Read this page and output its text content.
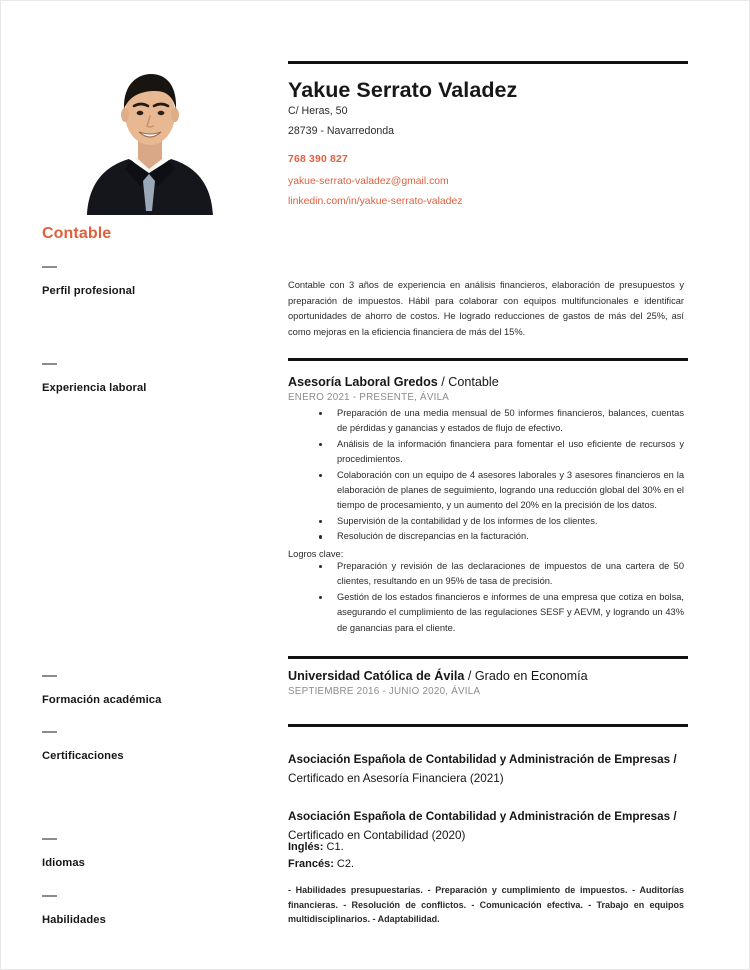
Contable
Perfil profesional
Experiencia laboral
Formación académica
Certificaciones
Idiomas
Habilidades
Yakue Serrato Valadez
C/ Heras, 50
28739 - Navarredonda
768 390 827
yakue-serrato-valadez@gmail.com
linkedin.com/in/yakue-serrato-valadez
Contable con 3 años de experiencia en análisis financieros, elaboración de presupuestos y preparación de impuestos. Hábil para colaborar con equipos multifuncionales e identificar oportunidades de ahorro de costos. He logrado reducciones de gastos de más del 25%, así como mejoras en la eficiencia financiera de más del 15%.
Asesoría Laboral Gredos / Contable
ENERO 2021 - PRESENTE, ÁVILA
Preparación de una media mensual de 50 informes financieros, balances, cuentas de pérdidas y ganancias y estados de flujo de efectivo.
Análisis de la información financiera para fomentar el uso eficiente de recursos y procedimientos.
Colaboración con un equipo de 4 asesores laborales y 3 asesores financieros en la elaboración de planes de seguimiento, logrando una reducción global del 30% en el tiempo de procesamiento, y un aumento del 20% en la precisión de los datos.
Supervisión de la contabilidad y de los informes de los clientes.
Resolución de discrepancias en la facturación.
Logros clave:
Preparación y revisión de las declaraciones de impuestos de una cartera de 50 clientes, resultando en un 95% de tasa de precisión.
Gestión de los estados financieros e informes de una empresa que cotiza en bolsa, asegurando el cumplimiento de las regulaciones SESF y AEVM, y logrando un 43% de ganancias para el cliente.
Universidad Católica de Ávila / Grado en Economía
SEPTIEMBRE 2016 - JUNIO 2020, ÁVILA
Asociación Española de Contabilidad y Administración de Empresas / Certificado en Asesoría Financiera (2021)
Asociación Española de Contabilidad y Administración de Empresas / Certificado en Contabilidad (2020)
Inglés: C1.
Francés: C2.
- Habilidades presupuestarias. - Preparación y cumplimiento de impuestos. - Auditorías financieras. - Resolución de conflictos. - Comunicación efectiva. - Trabajo en equipos multidisciplinarios. - Adaptabilidad.
